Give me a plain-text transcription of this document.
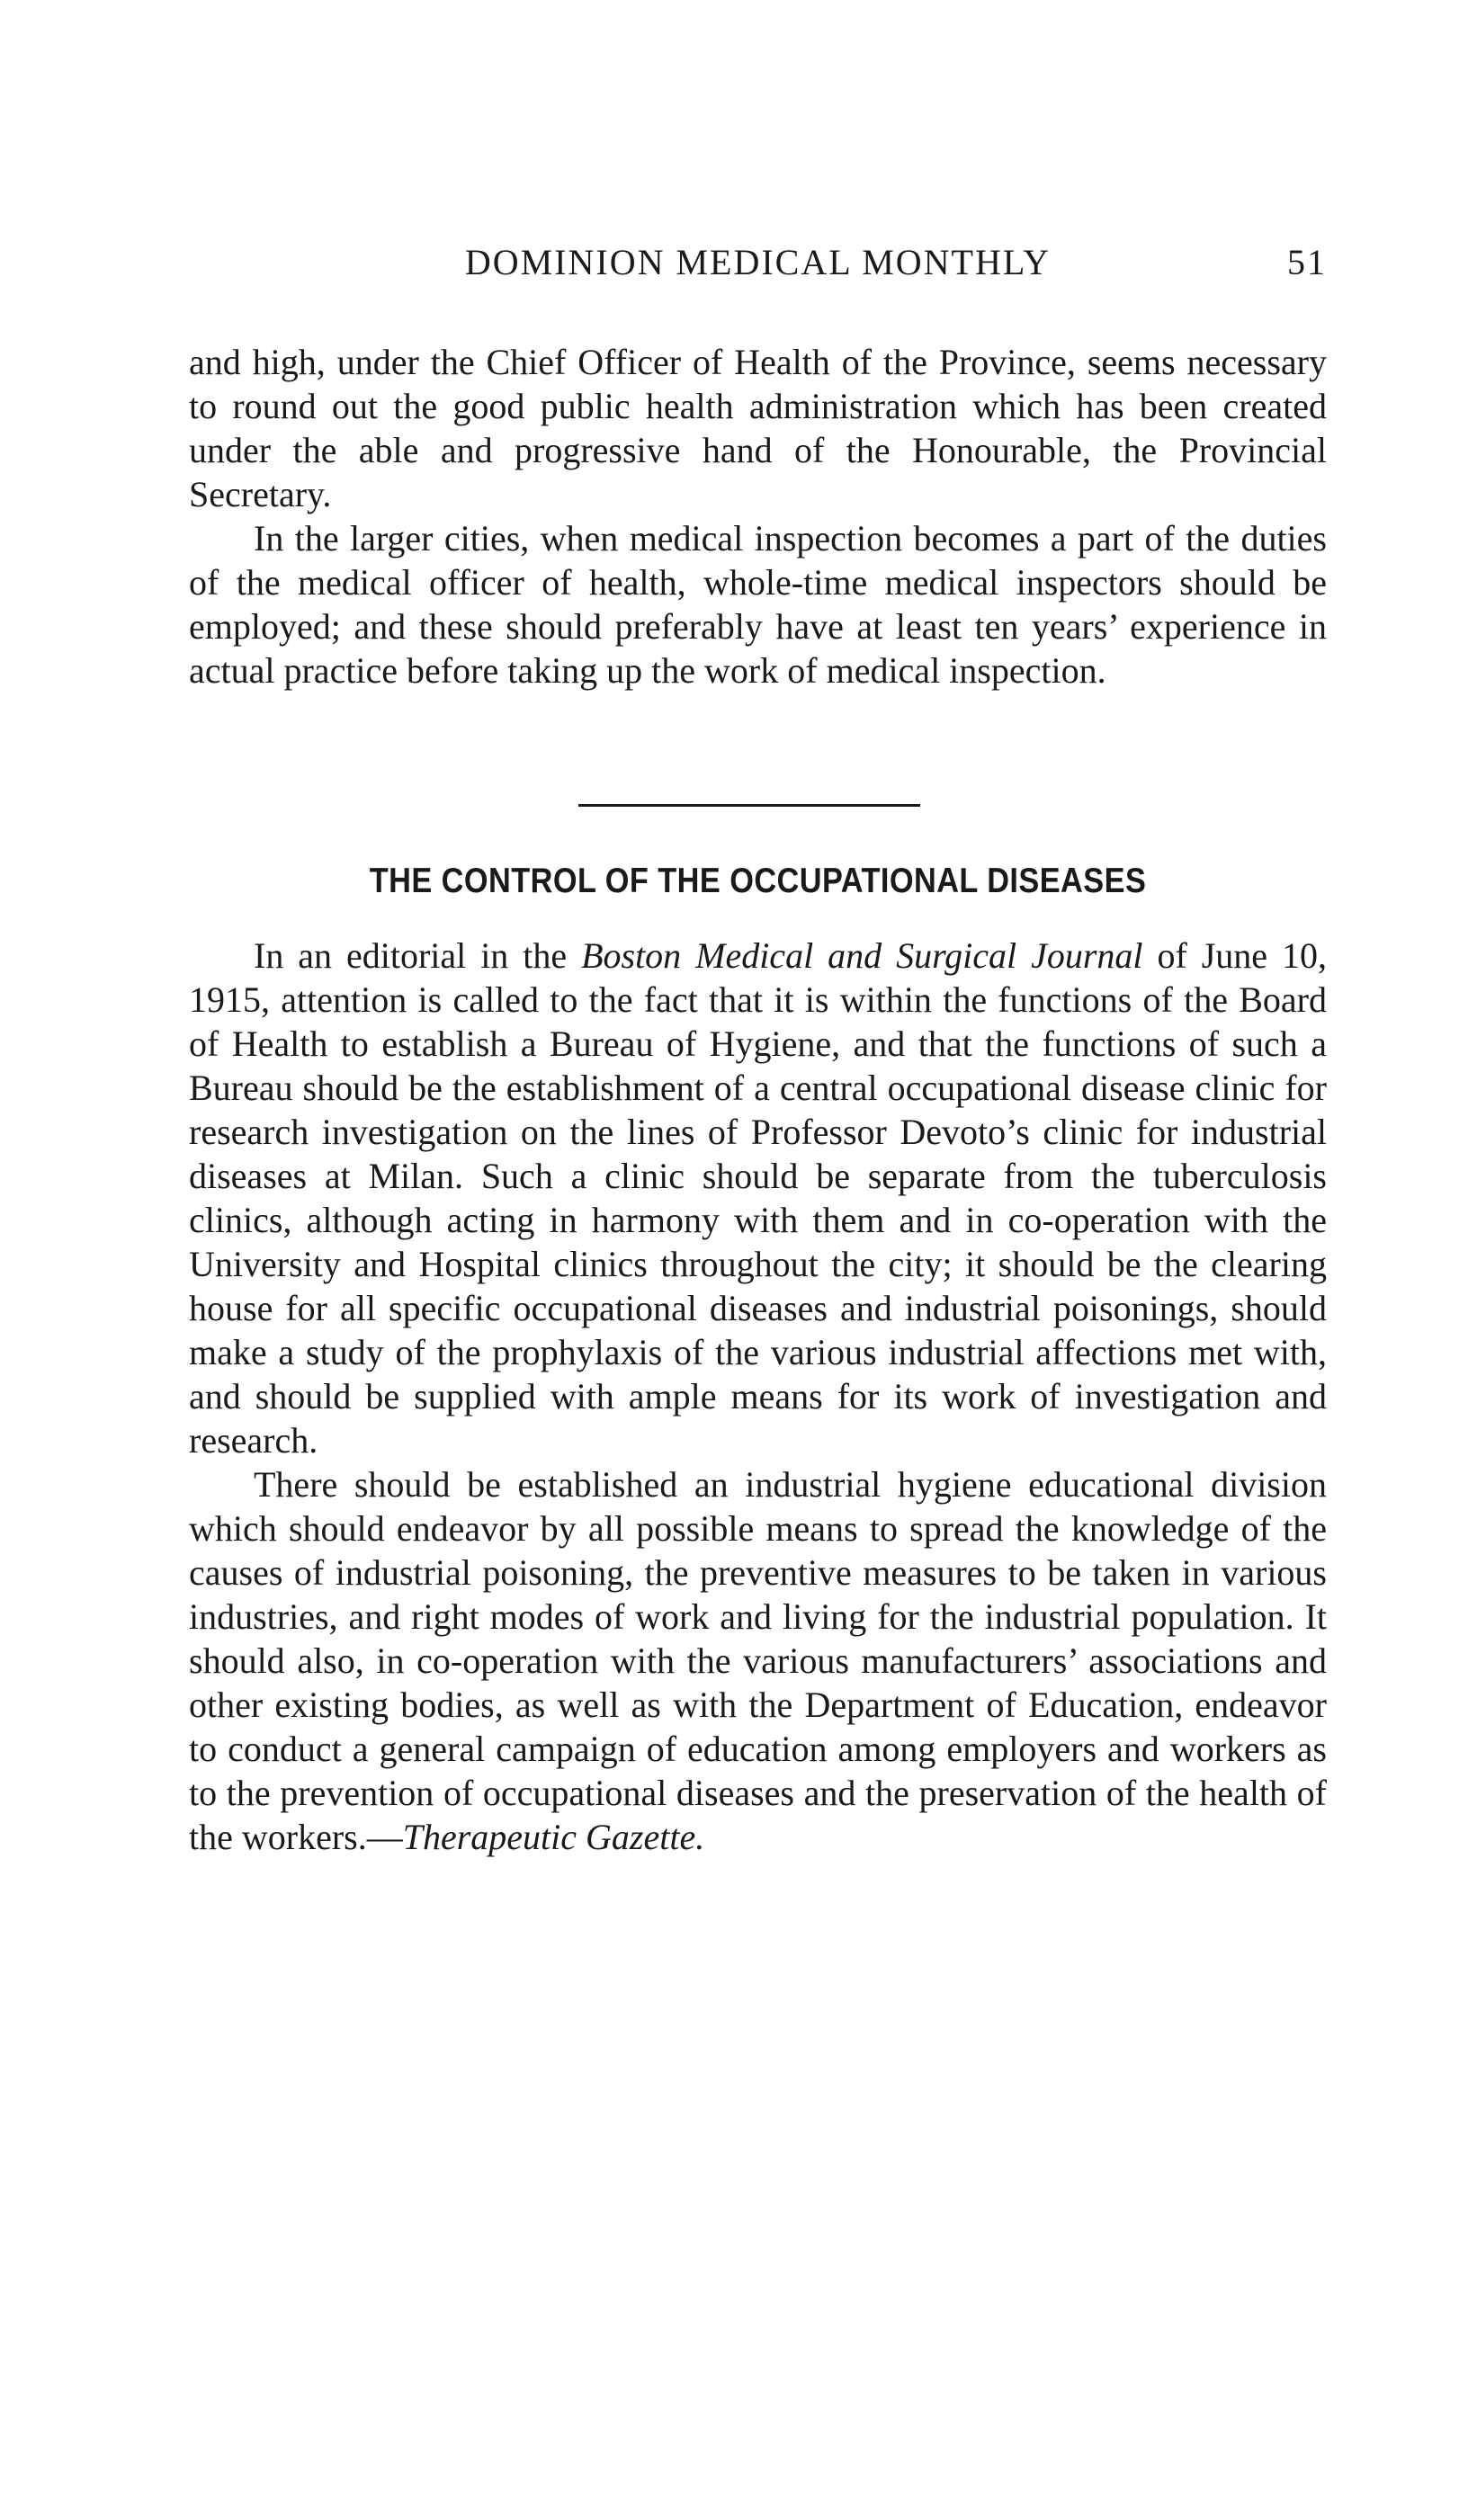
DOMINION MEDICAL MONTHLY	51

and high, under the Chief Officer of Health of the Province, seems necessary to round out the good public health administration which has been created under the able and progressive hand of the Honourable, the Provincial Secretary.

In the larger cities, when medical inspection becomes a part of the duties of the medical officer of health, whole-time medical inspectors should be employed; and these should preferably have at least ten years’ experience in actual practice before taking up the work of medical inspection.

THE CONTROL OF THE OCCUPATIONAL DISEASES

In an editorial in the Boston Medical and Surgical Journal of June 10, 1915, attention is called to the fact that it is within the functions of the Board of Health to establish a Bureau of Hygiene, and that the functions of such a Bureau should be the establishment of a central occupational disease clinic for research investigation on the lines of Professor Devoto’s clinic for industrial diseases at Milan. Such a clinic should be separate from the tuberculosis clinics, although acting in harmony with them and in co-operation with the University and Hospital clinics throughout the city; it should be the clearing house for all specific occupational diseases and industrial poisonings, should make a study of the prophylaxis of the various industrial affections met with, and should be supplied with ample means for its work of investigation and research.

There should be established an industrial hygiene educational division which should endeavor by all possible means to spread the knowledge of the causes of industrial poisoning, the preventive measures to be taken in various industries, and right modes of work and living for the industrial population. It should also, in co-operation with the various manufacturers’ associations and other existing bodies, as well as with the Department of Education, endeavor to conduct a general campaign of education among employers and workers as to the prevention of occupational diseases and the preservation of the health of the workers.—Therapeutic Gazette.
